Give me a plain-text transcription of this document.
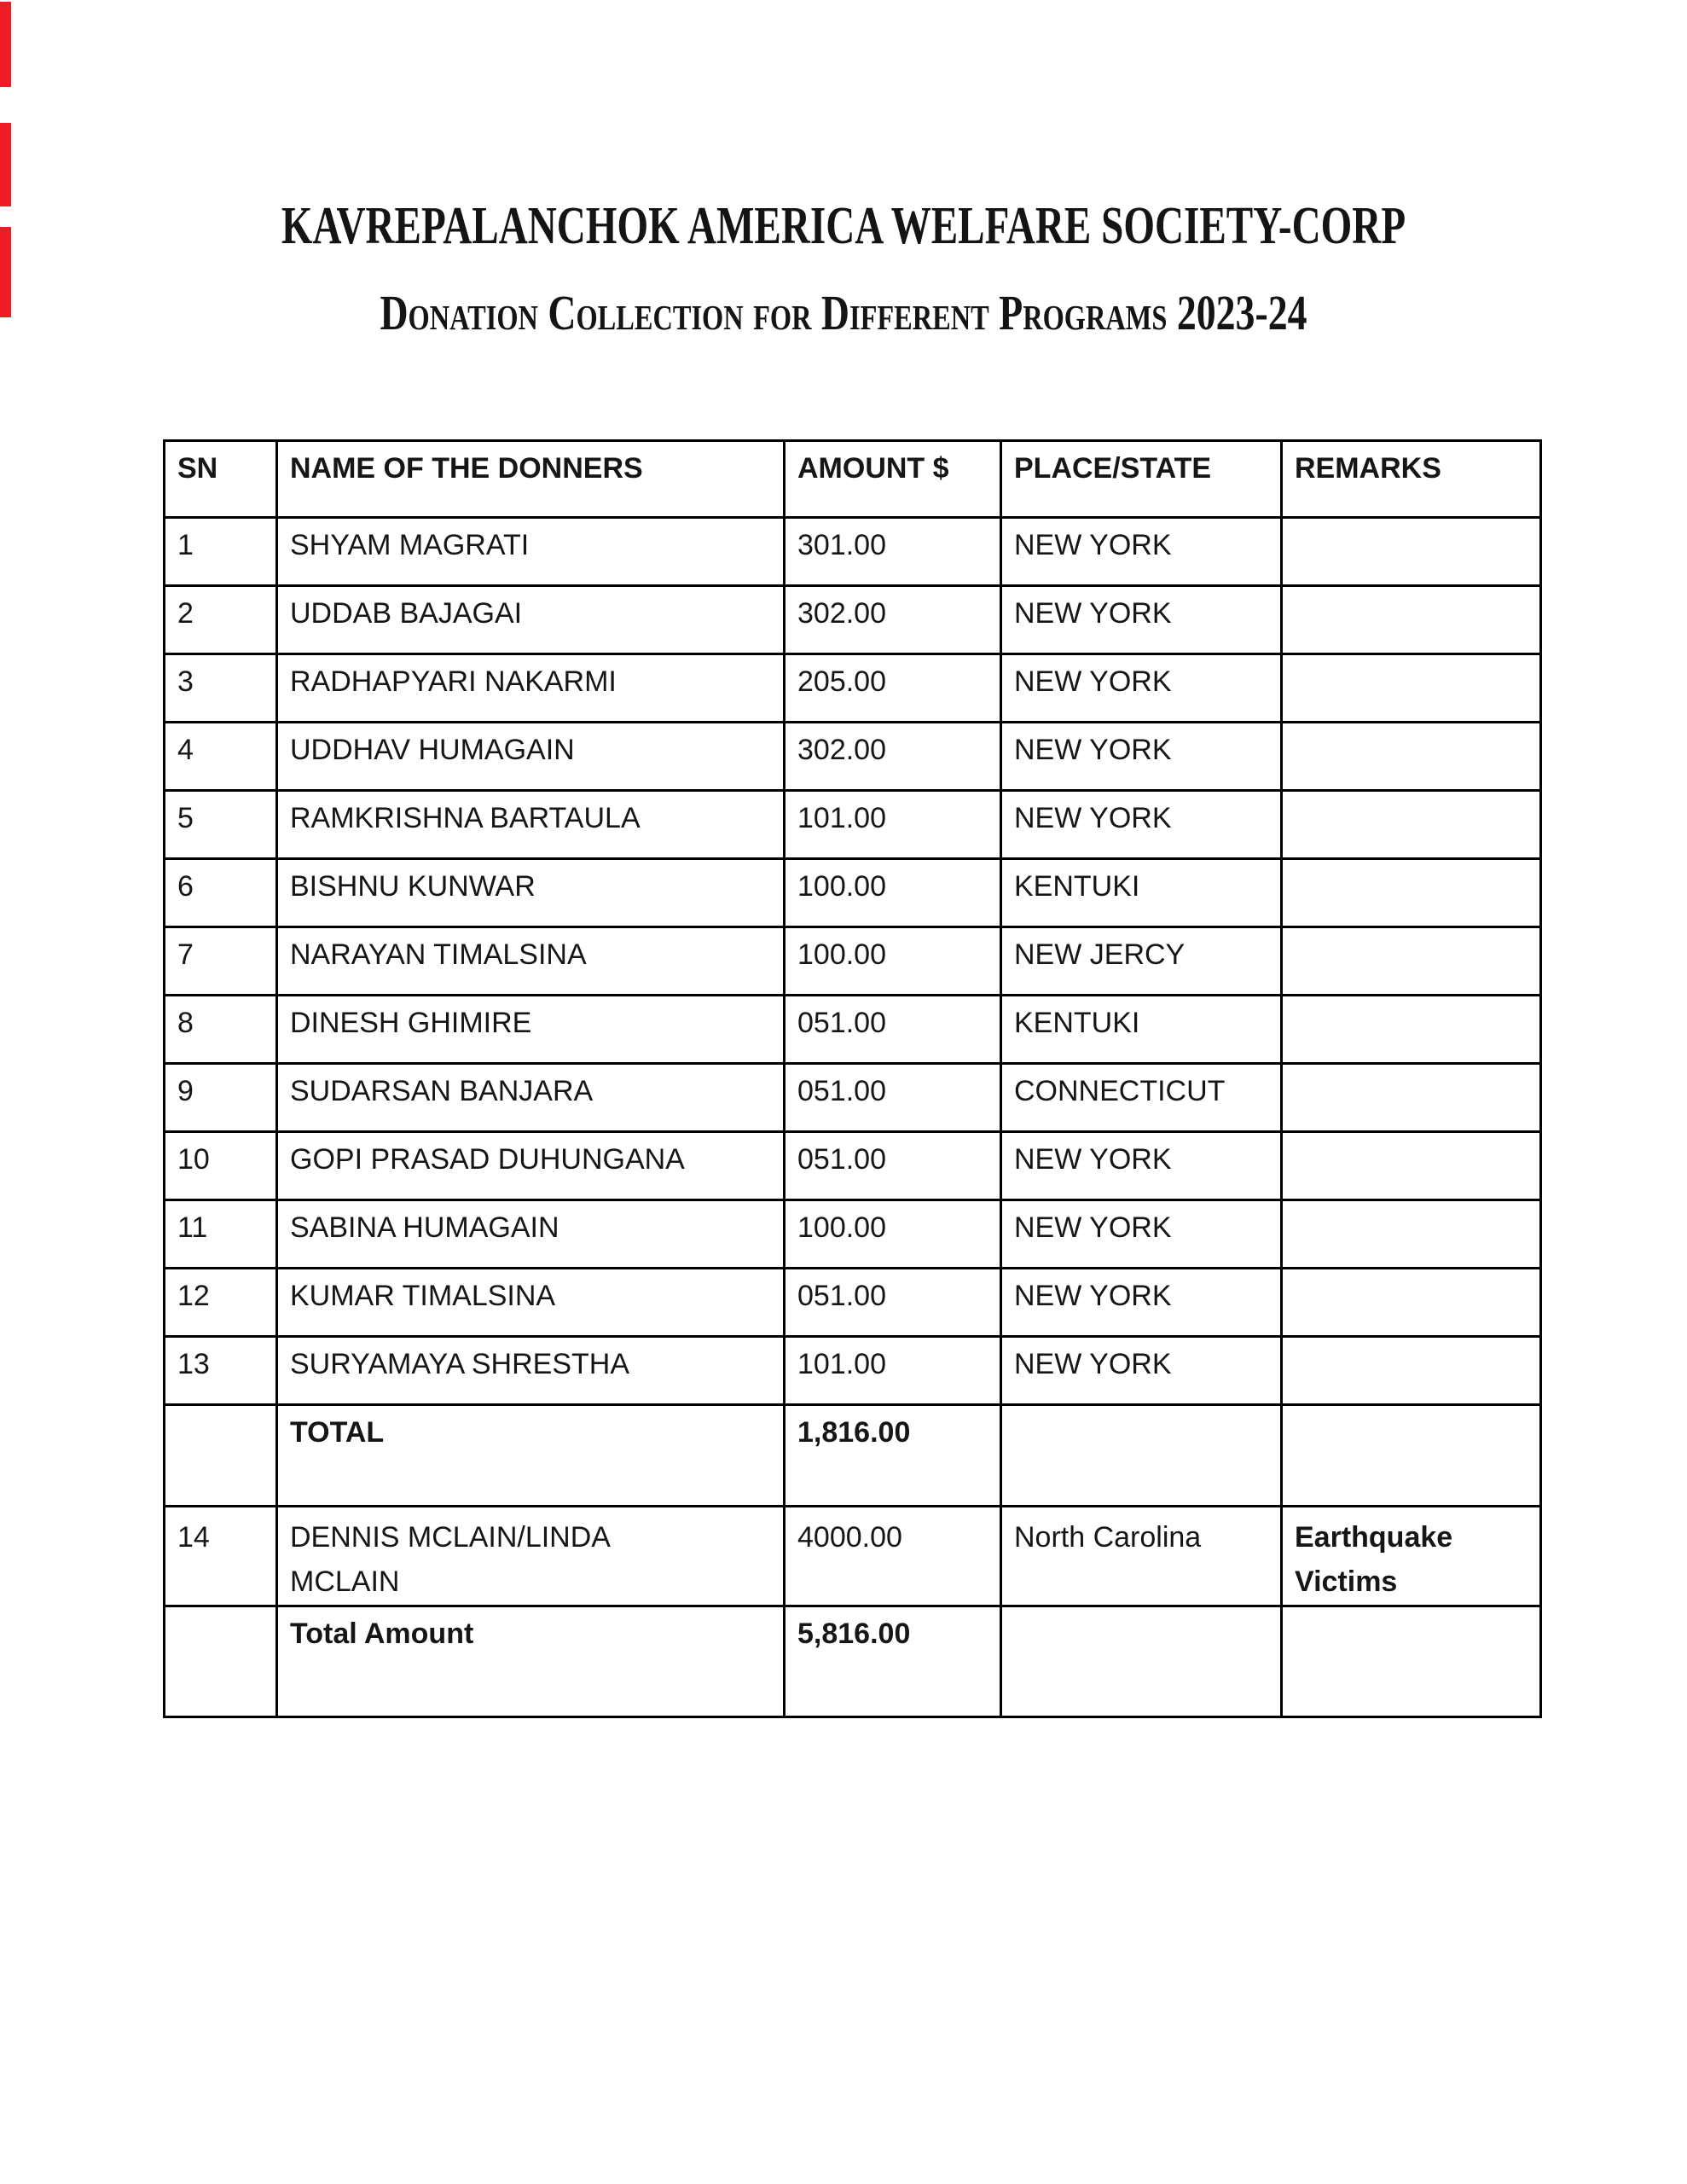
KAVREPALANCHOK AMERICA WELFARE SOCIETY-CORP
Donation Collection for Different Programs 2023-24
SN	NAME OF THE DONNERS	AMOUNT $	PLACE/STATE	REMARKS
1	SHYAM MAGRATI	301.00	NEW YORK	
2	UDDAB BAJAGAI	302.00	NEW YORK	
3	RADHAPYARI NAKARMI	205.00	NEW YORK	
4	UDDHAV HUMAGAIN	302.00	NEW YORK	
5	RAMKRISHNA BARTAULA	101.00	NEW YORK	
6	BISHNU KUNWAR	100.00	KENTUKI	
7	NARAYAN TIMALSINA	100.00	NEW JERCY	
8	DINESH GHIMIRE	051.00	KENTUKI	
9	SUDARSAN BANJARA	051.00	CONNECTICUT	
10	GOPI PRASAD DUHUNGANA	051.00	NEW YORK	
11	SABINA HUMAGAIN	100.00	NEW YORK	
12	KUMAR TIMALSINA	051.00	NEW YORK	
13	SURYAMAYA SHRESTHA	101.00	NEW YORK	
	TOTAL	1,816.00		
14	DENNIS MCLAIN/LINDA MCLAIN	4000.00	North Carolina	Earthquake Victims
	Total Amount	5,816.00		
